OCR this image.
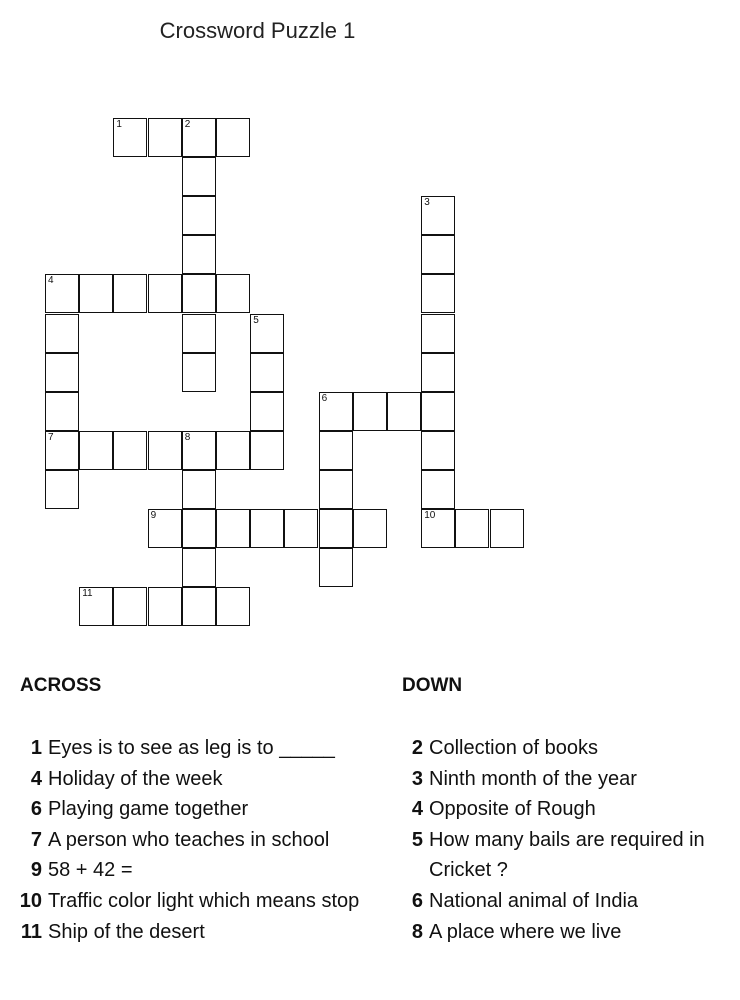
Crossword Puzzle 1
1	2
3
4
7
5
6
8
9	10
11
ACROSS	DOWN
1 Eyes is to see as leg is to _____
4 Holiday of the week
6 Playing game together
7 A person who teaches in school
9 58 + 42 =
10 Traffic color light which means stop
11 Ship of the desert
2 Collection of books
3 Ninth month of the year
4 Opposite of Rough
5 How many bails are required in Cricket ?
6 National animal of India
8 A place where we live
